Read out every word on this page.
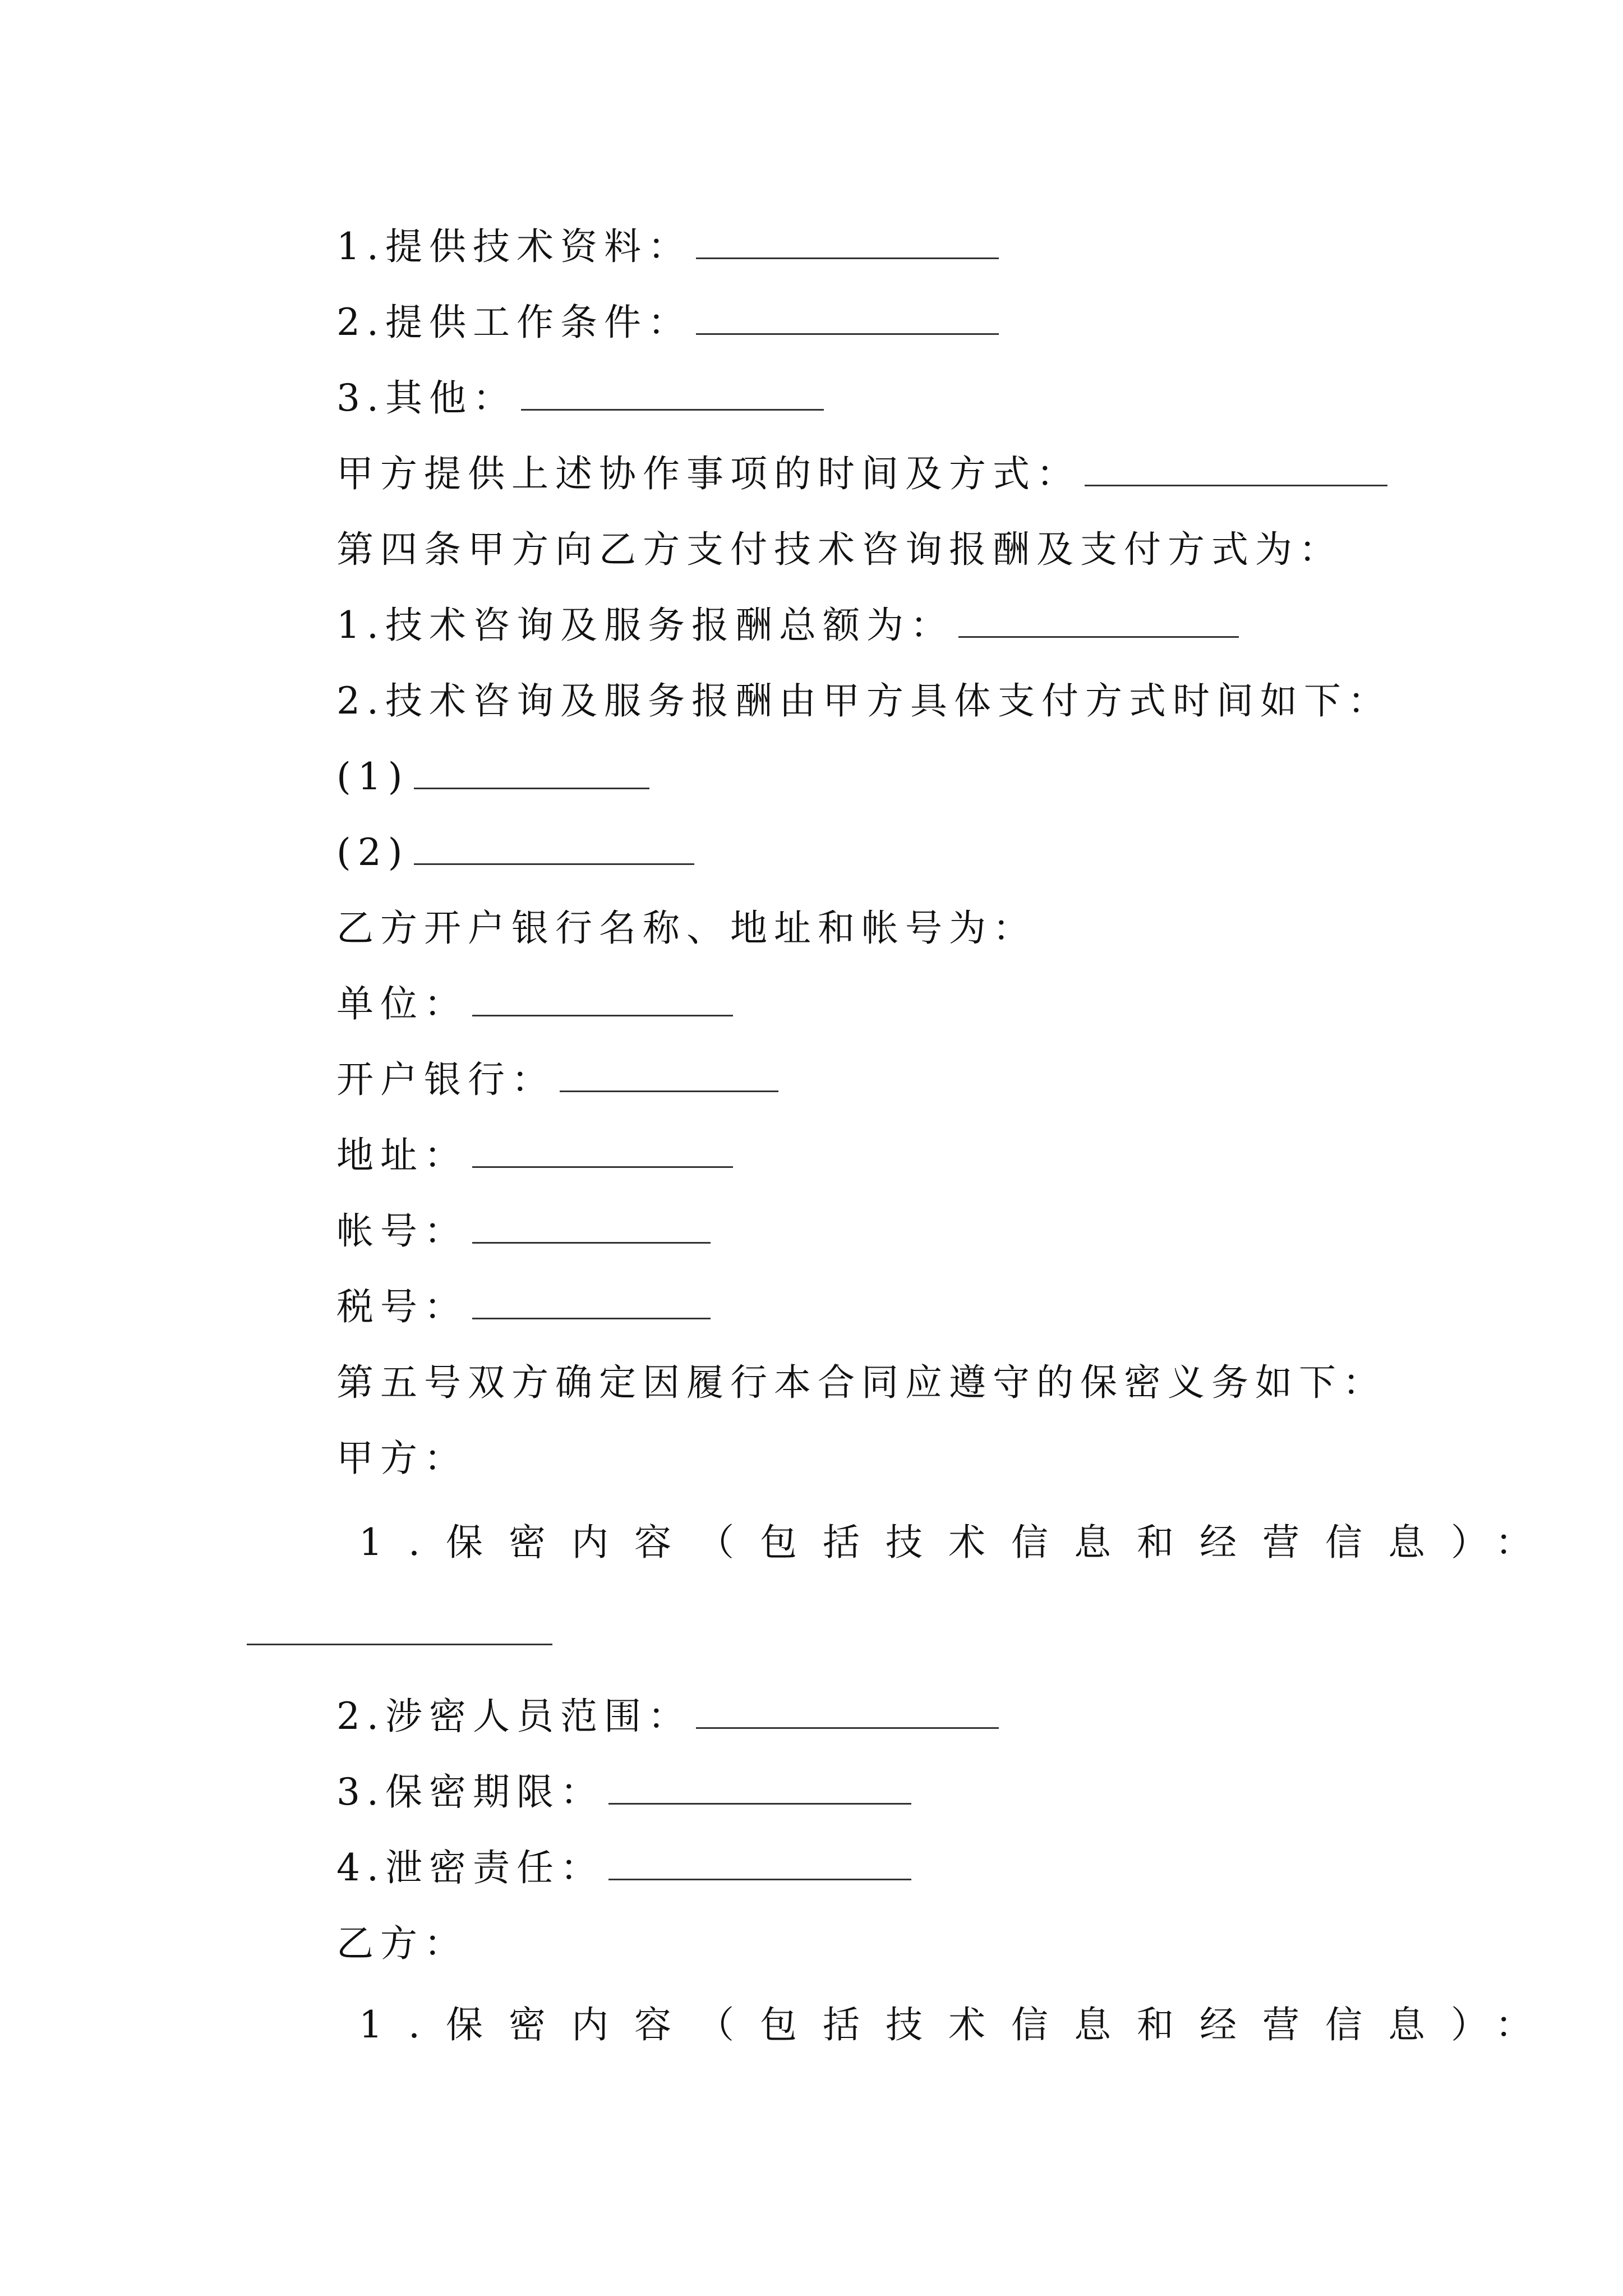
1.提供技术资料：
2.提供工作条件：
3.其他：
甲方提供上述协作事项的时间及方式：
第四条甲方向乙方支付技术咨询报酬及支付方式为：
1.技术咨询及服务报酬总额为：
2.技术咨询及服务报酬由甲方具体支付方式时间如下：
(1)
(2)
乙方开户银行名称、地址和帐号为：
单位：
开户银行：
地址：
帐号：
税号：
第五号双方确定因履行本合同应遵守的保密义务如下：
甲方：
1.保密内容（包括技术信息和经营信息）：
2.涉密人员范围：
3.保密期限：
4.泄密责任：
乙方：
1.保密内容（包括技术信息和经营信息）：
